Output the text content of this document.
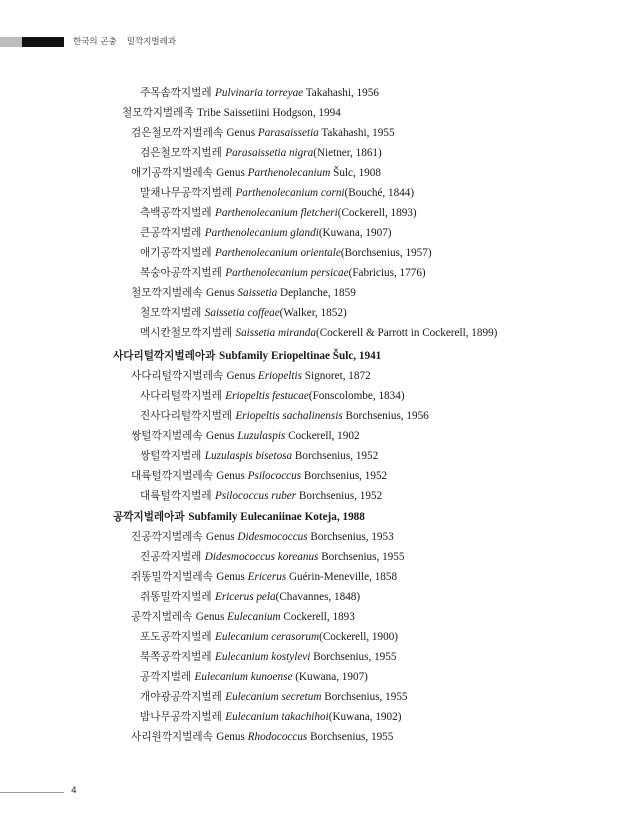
한국의 곤충 밀깍지벌레과
주목솜깍지벌레 Pulvinaria torreyae Takahashi, 1956
철모깍지벌레족 Tribe Saissetiini Hodgson, 1994
검은철모깍지벌레속 Genus Parasaissetia Takahashi, 1955
검은철모깍지벌레 Parasaissetia nigra(Nietner, 1861)
애기공깍지벌레속 Genus Parthenolecanium Šulc, 1908
말채나무공깍지벌레 Parthenolecanium corni(Bouché, 1844)
측백공깍지벌레 Parthenolecanium fletcheri(Cockerell, 1893)
큰공깍지벌레 Parthenolecanium glandi(Kuwana, 1907)
애기공깍지벌레 Parthenolecanium orientale(Borchsenius, 1957)
복숭아공깍지벌레 Parthenolecanium persicae(Fabricius, 1776)
철모깍지벌레속 Genus Saissetia Deplanche, 1859
철모깍지벌레 Saissetia coffeae(Walker, 1852)
멕시칸철모깍지벌레 Saissetia miranda(Cockerell & Parrott in Cockerell, 1899)
사다리털깍지벌레아과 Subfamily Eriopeltinae Šulc, 1941
사다리털깍지벌레속 Genus Eriopeltis Signoret, 1872
사다리털깍지벌레 Eriopeltis festucae(Fonscolombe, 1834)
진사다리털깍지벌레 Eriopeltis sachalinensis Borchsenius, 1956
쌍털깍지벌레속 Genus Luzulaspis Cockerell, 1902
쌍털깍지벌레 Luzulaspis bisetosa Borchsenius, 1952
대륙털깍지벌레속 Genus Psilococcus Borchsenius, 1952
대륙털깍지벌레 Psilococcus ruber Borchsenius, 1952
공깍지벌레아과 Subfamily Eulecaniinae Koteja, 1988
진공깍지벌레속 Genus Didesmococcus Borchsenius, 1953
진공깍지벌레 Didesmococcus koreanus Borchsenius, 1955
쥐똥밀깍지벌레속 Genus Ericerus Guérin-Meneville, 1858
쥐똥밀깍지벌레 Ericerus pela(Chavannes, 1848)
공깍지벌레속 Genus Eulecanium Cockerell, 1893
포도공깍지벌레 Eulecanium cerasorum(Cockerell, 1900)
북쪽공깍지벌레 Eulecanium kostylevi Borchsenius, 1955
공깍지벌레 Eulecanium kunoense (Kuwana, 1907)
개야광공깍지벌레 Eulecanium secretum Borchsenius, 1955
밤나무공깍지벌레 Eulecanium takachihoi(Kuwana, 1902)
사리원깍지벌레속 Genus Rhodococcus Borchsenius, 1955
4
